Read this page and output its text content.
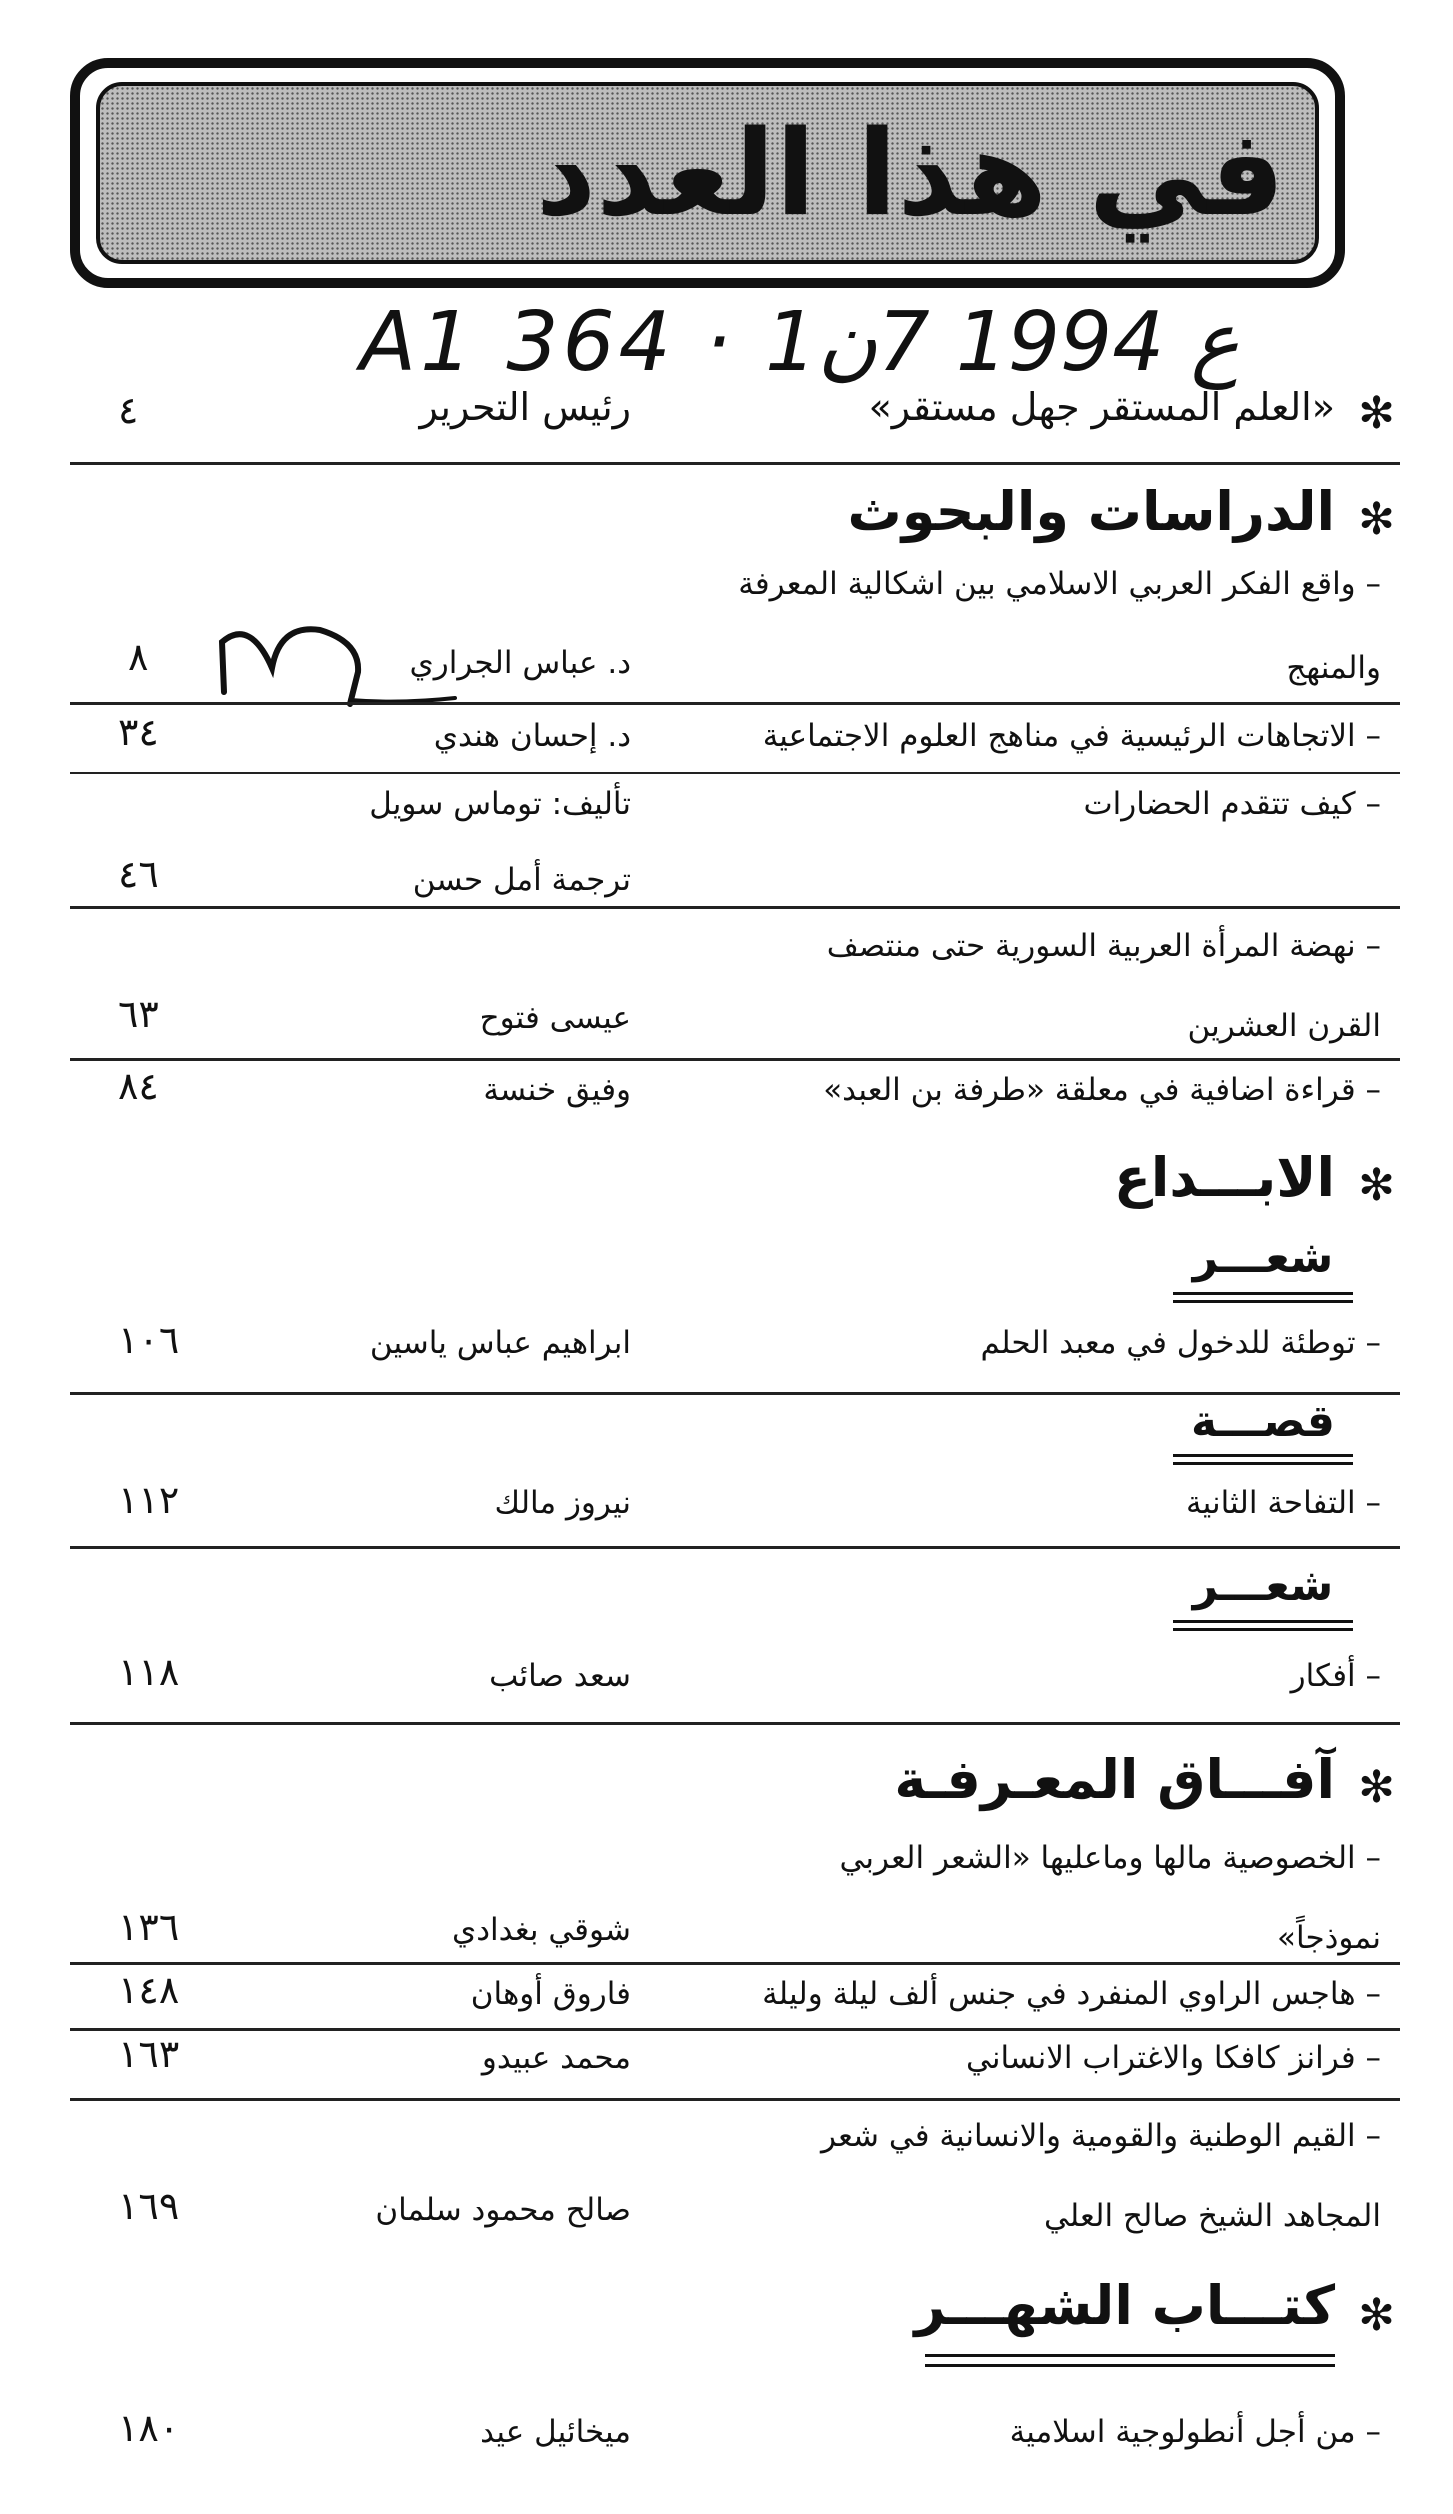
في هذا العدد
A1 364 · ع 1994 7ن1
✻
«العلم المستقر جهل مستقر»
رئيس التحرير
٤
✻
الدراسات والبحوث
– واقع الفكر العربي الاسلامي بين اشكالية المعرفة
والمنهج
د. عباس الجراري
٨
– الاتجاهات الرئيسية في مناهج العلوم الاجتماعية
د. إحسان هندي
٣٤
– كيف تتقدم الحضارات
تأليف: توماس سويل
ترجمة أمل حسن
٤٦
– نهضة المرأة العربية السورية حتى منتصف
القرن العشرين
عيسى فتوح
٦٣
– قراءة اضافية في معلقة «طرفة بن العبد»
وفيق خنسة
٨٤
✻
الابـــداع
شعـــر
– توطئة للدخول في معبد الحلم
ابراهيم عباس ياسين
١٠٦
قصـــة
– التفاحة الثانية
نيروز مالك
١١٢
شعـــر
– أفكار
سعد صائب
١١٨
✻
آفـــاق المعـرفـة
– الخصوصية مالها وماعليها «الشعر العربي
نموذجاً»
شوقي بغدادي
١٣٦
– هاجس الراوي المنفرد في جنس ألف ليلة وليلة
فاروق أوهان
١٤٨
– فرانز كافكا والاغتراب الانساني
محمد عبيدو
١٦٣
– القيم الوطنية والقومية والانسانية في شعر
المجاهد الشيخ صالح العلي
صالح محمود سلمان
١٦٩
✻
كتـــاب الشهـــر
– من أجل أنطولوجية اسلامية
ميخائيل عيد
١٨٠
